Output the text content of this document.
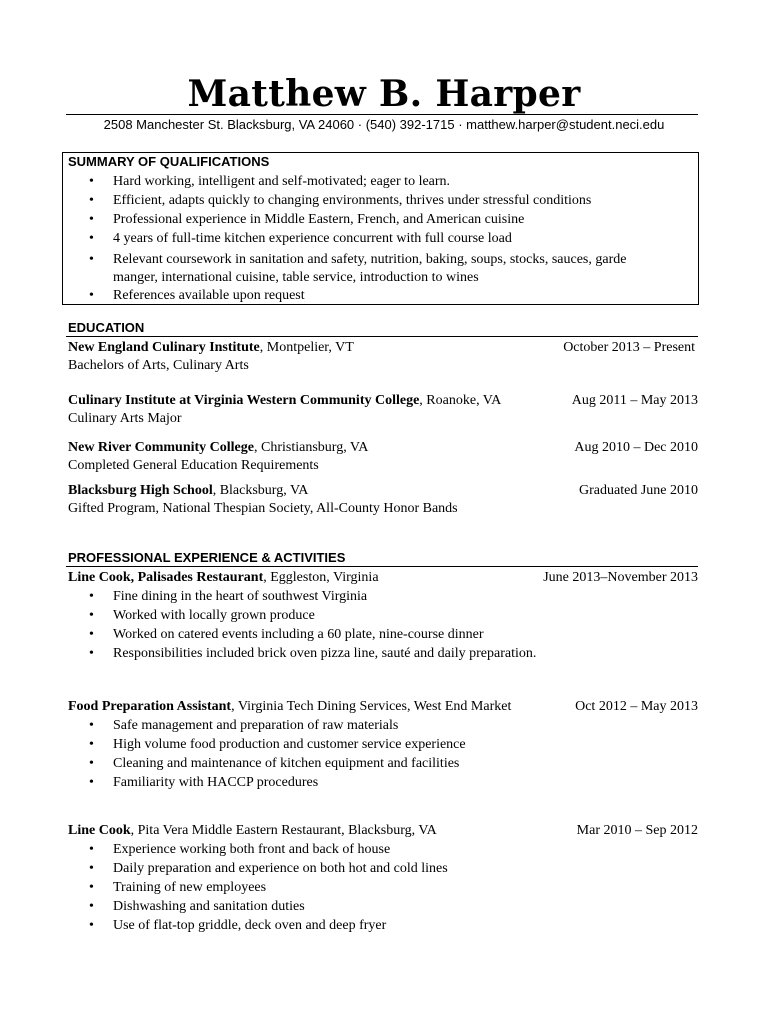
Matthew B. Harper
2508 Manchester St. Blacksburg, VA 24060 · (540) 392-1715 · matthew.harper@student.neci.edu
SUMMARY OF QUALIFICATIONS
• Hard working, intelligent and self-motivated; eager to learn.
• Efficient, adapts quickly to changing environments, thrives under stressful conditions
• Professional experience in Middle Eastern, French, and American cuisine
• 4 years of full-time kitchen experience concurrent with full course load
• Relevant coursework in sanitation and safety, nutrition, baking, soups, stocks, sauces, garde
manger, international cuisine, table service, introduction to wines
• References available upon request
EDUCATION
New England Culinary Institute, Montpelier, VT	October 2013 – Present
Bachelors of Arts, Culinary Arts
Culinary Institute at Virginia Western Community College, Roanoke, VA	Aug 2011 – May 2013
Culinary Arts Major
New River Community College, Christiansburg, VA	Aug 2010 – Dec 2010
Completed General Education Requirements
Blacksburg High School, Blacksburg, VA	Graduated June 2010
Gifted Program, National Thespian Society, All-County Honor Bands
PROFESSIONAL EXPERIENCE & ACTIVITIES
Line Cook, Palisades Restaurant, Eggleston, Virginia	June 2013–November 2013
• Fine dining in the heart of southwest Virginia
• Worked with locally grown produce
• Worked on catered events including a 60 plate, nine-course dinner
• Responsibilities included brick oven pizza line, sauté and daily preparation.
Food Preparation Assistant, Virginia Tech Dining Services, West End Market	Oct 2012 – May 2013
• Safe management and preparation of raw materials
• High volume food production and customer service experience
• Cleaning and maintenance of kitchen equipment and facilities
• Familiarity with HACCP procedures
Line Cook, Pita Vera Middle Eastern Restaurant, Blacksburg, VA	Mar 2010 – Sep 2012
• Experience working both front and back of house
• Daily preparation and experience on both hot and cold lines
• Training of new employees
• Dishwashing and sanitation duties
• Use of flat-top griddle, deck oven and deep fryer
